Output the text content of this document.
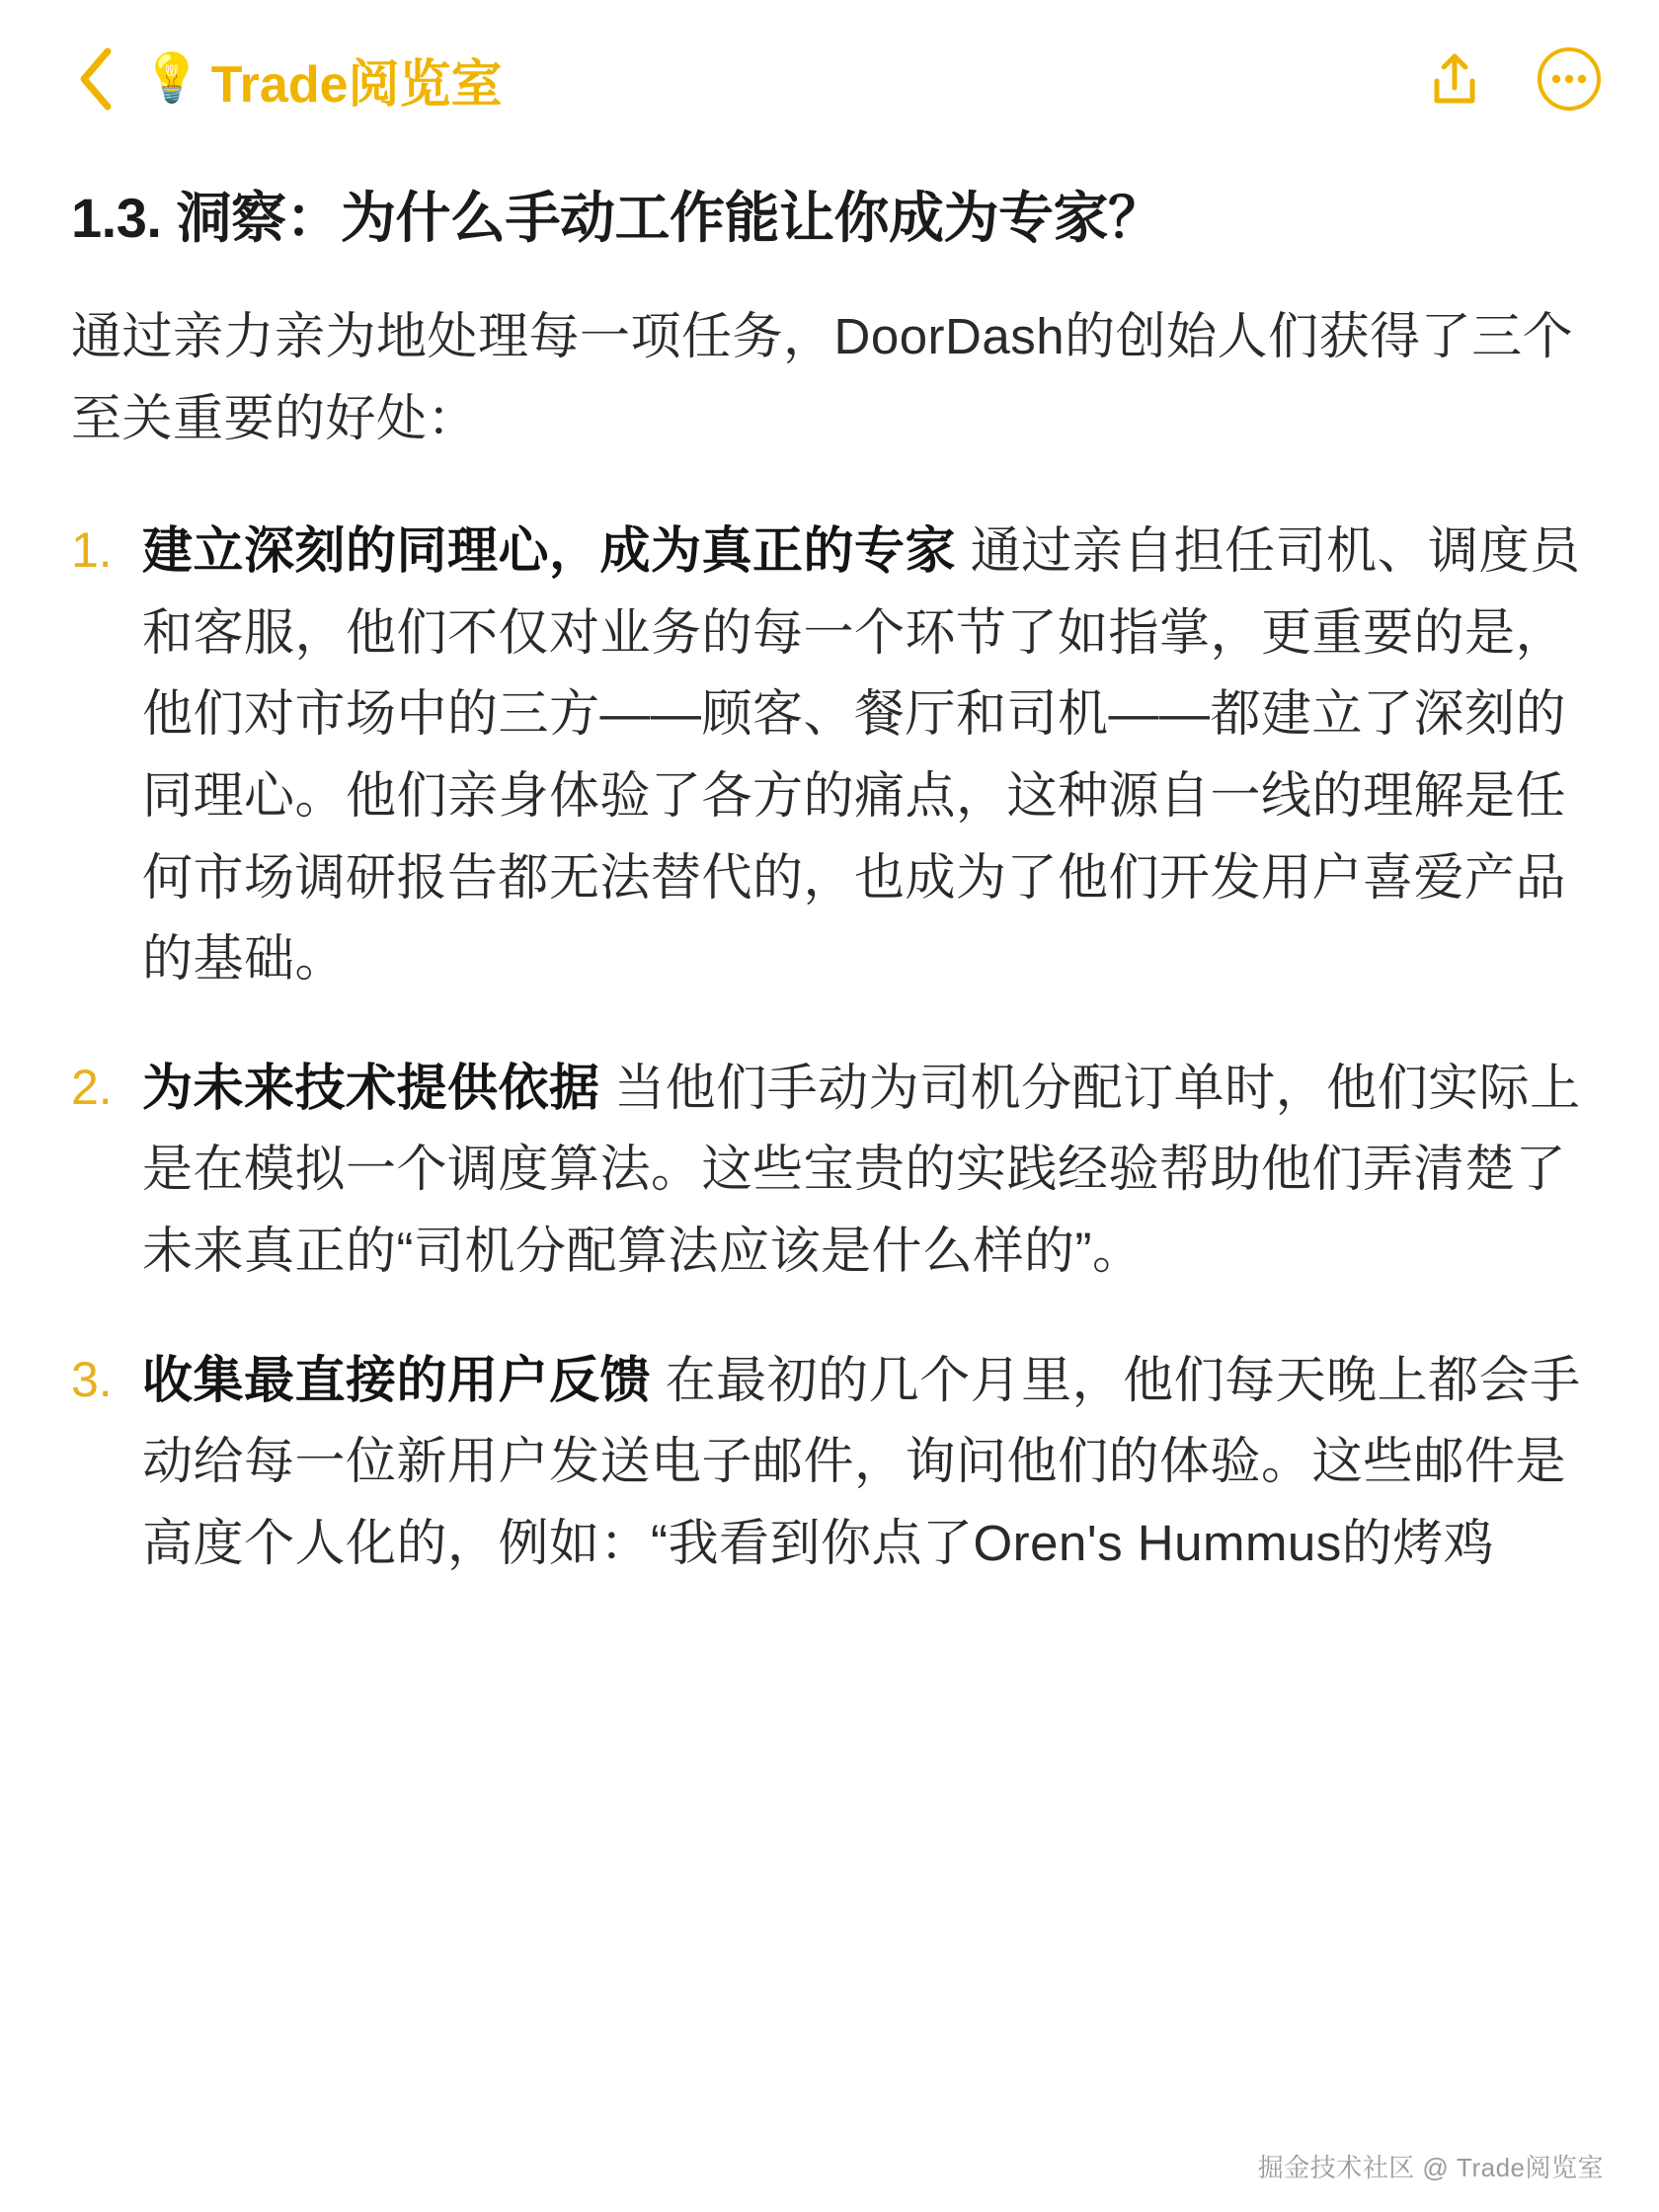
💡 Trade阅览室
1.3. 洞察：为什么手动工作能让你成为专家？

通过亲力亲为地处理每一项任务，DoorDash的创始人们获得了三个至关重要的好处：

1. 建立深刻的同理心，成为真正的专家 通过亲自担任司机、调度员和客服，他们不仅对业务的每一个环节了如指掌，更重要的是，他们对市场中的三方——顾客、餐厅和司机——都建立了深刻的同理心。他们亲身体验了各方的痛点，这种源自一线的理解是任何市场调研报告都无法替代的，也成为了他们开发用户喜爱产品的基础。
2. 为未来技术提供依据 当他们手动为司机分配订单时，他们实际上是在模拟一个调度算法。这些宝贵的实践经验帮助他们弄清楚了未来真正的“司机分配算法应该是什么样的”。
3. 收集最直接的用户反馈 在最初的几个月里，他们每天晚上都会手动给每一位新用户发送电子邮件，询问他们的体验。这些邮件是高度个人化的，例如：“我看到你点了Oren's Hummus的烤鸡
掘金技术社区 @ Trade阅览室
